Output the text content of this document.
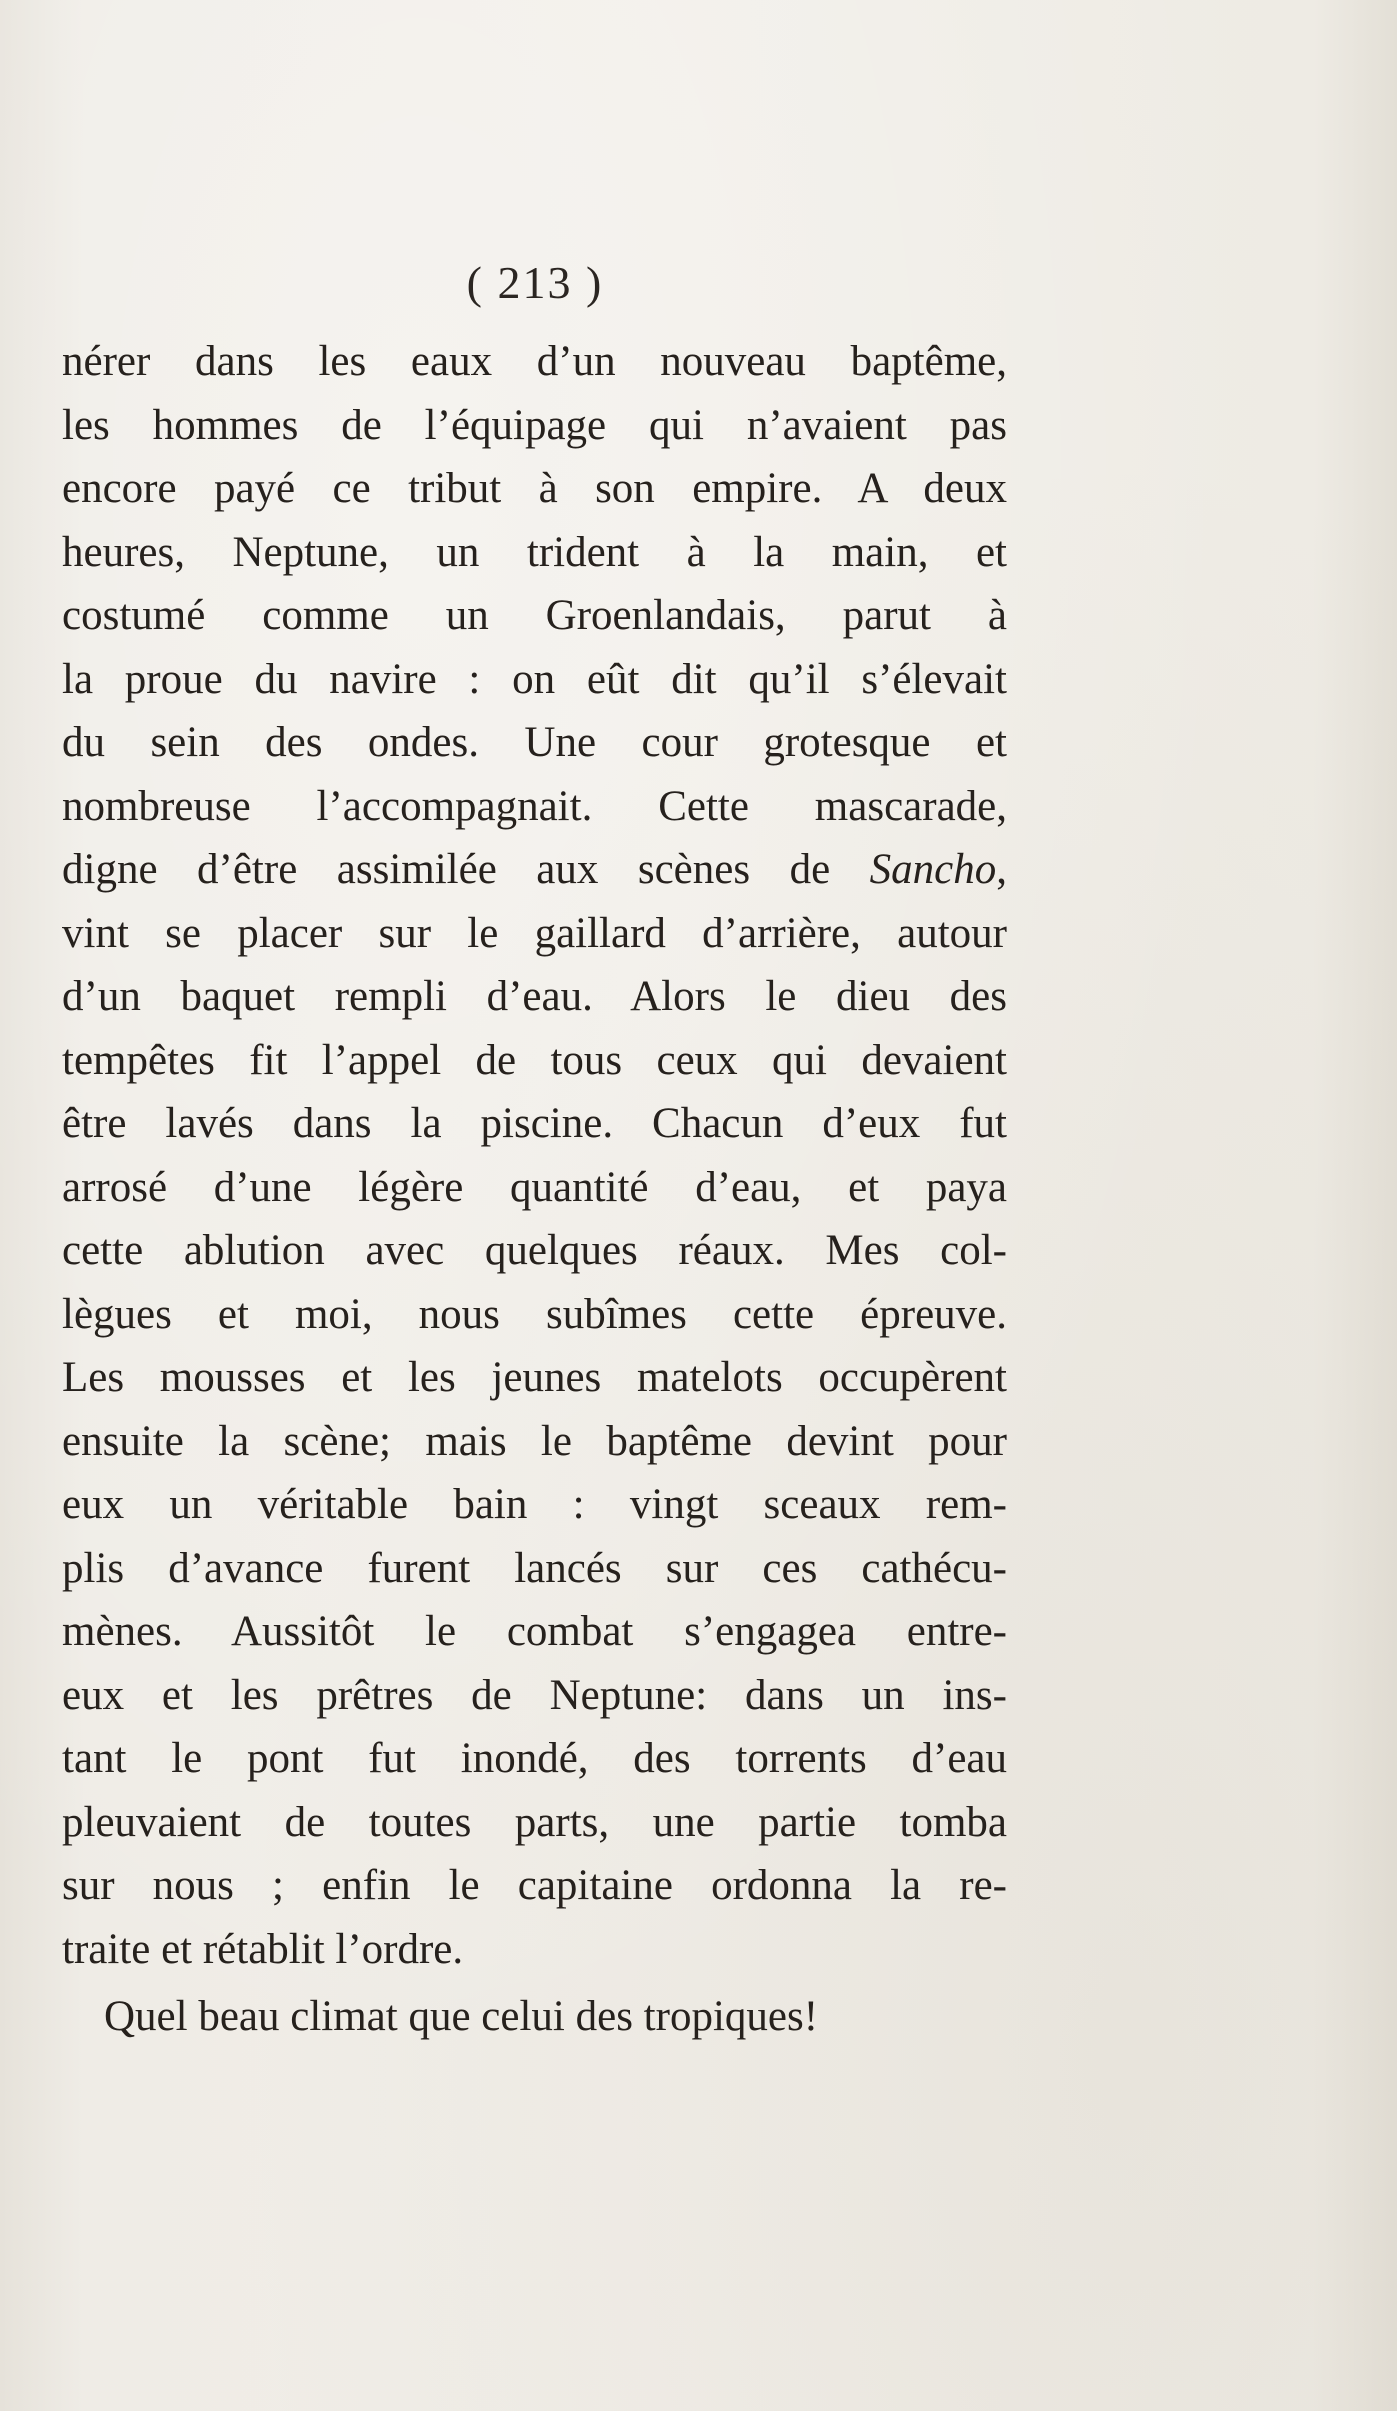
( 213 )

nérer dans les eaux d’un nouveau baptême,
les hommes de l’équipage qui n’avaient pas
encore payé ce tribut à son empire. A deux
heures, Neptune, un trident à la main, et
costumé comme un Groenlandais, parut à
la proue du navire : on eût dit qu’il s’élevait
du sein des ondes. Une cour grotesque et
nombreuse l’accompagnait. Cette mascarade,
digne d’être assimilée aux scènes de Sancho,
vint se placer sur le gaillard d’arrière, autour
d’un baquet rempli d’eau. Alors le dieu des
tempêtes fit l’appel de tous ceux qui devaient
être lavés dans la piscine. Chacun d’eux fut
arrosé d’une légère quantité d’eau, et paya
cette ablution avec quelques réaux. Mes col-
lègues et moi, nous subîmes cette épreuve.
Les mousses et les jeunes matelots occupèrent
ensuite la scène; mais le baptême devint pour
eux un véritable bain : vingt sceaux rem-
plis d’avance furent lancés sur ces cathécu-
mènes. Aussitôt le combat s’engagea entre-
eux et les prêtres de Neptune: dans un ins-
tant le pont fut inondé, des torrents d’eau
pleuvaient de toutes parts, une partie tomba
sur nous ; enfin le capitaine ordonna la re-
traite et rétablit l’ordre.
Quel beau climat que celui des tropiques!
